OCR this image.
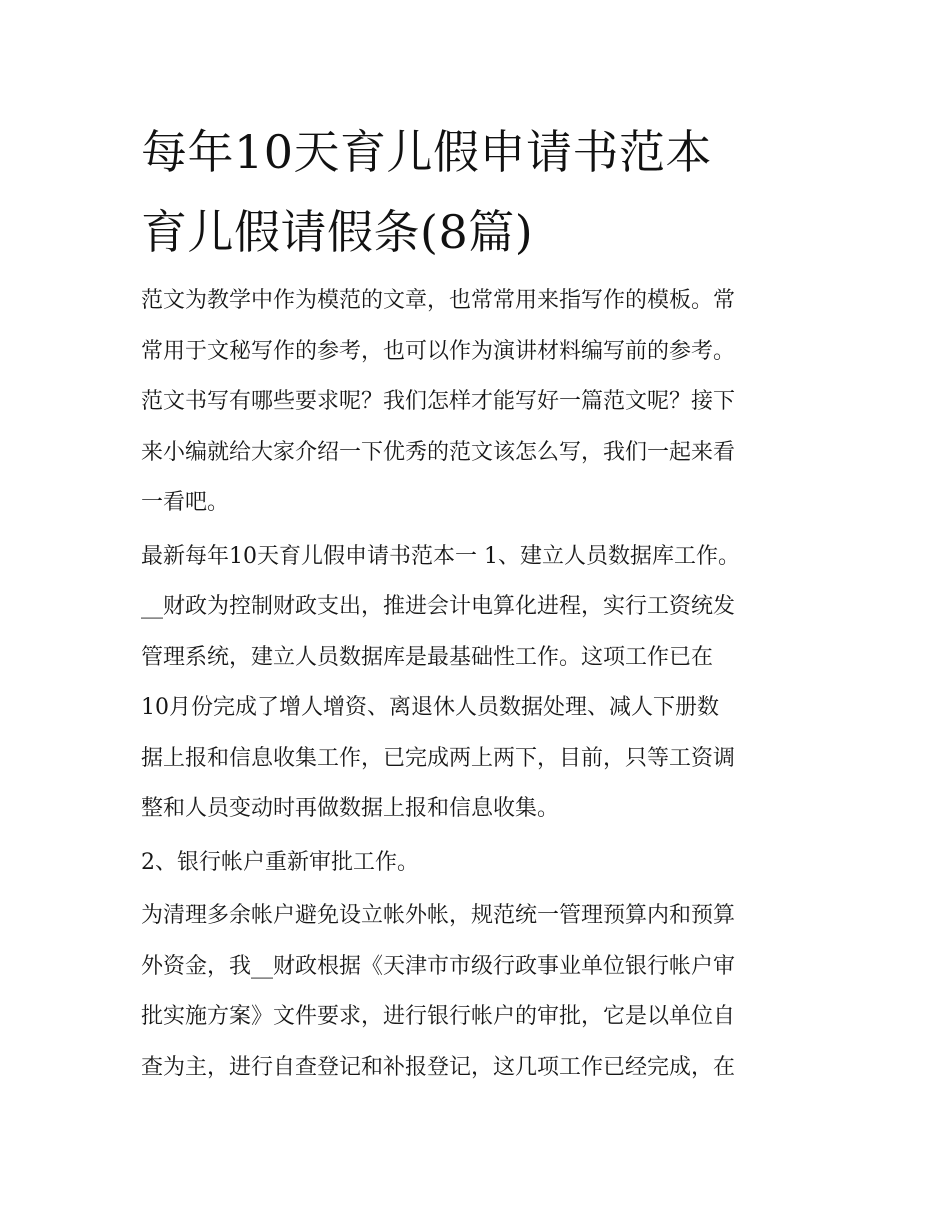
每年10天育儿假申请书范本
育儿假请假条(8篇)

范文为教学中作为模范的文章，也常常用来指写作的模板。常
常用于文秘写作的参考，也可以作为演讲材料编写前的参考。
范文书写有哪些要求呢？我们怎样才能写好一篇范文呢？接下
来小编就给大家介绍一下优秀的范文该怎么写，我们一起来看
一看吧。

最新每年10天育儿假申请书范本一 1、建立人员数据库工作。
__财政为控制财政支出，推进会计电算化进程，实行工资统发
管理系统，建立人员数据库是最基础性工作。这项工作已在
10月份完成了增人增资、离退休人员数据处理、减人下册数
据上报和信息收集工作，已完成两上两下，目前，只等工资调
整和人员变动时再做数据上报和信息收集。

2、银行帐户重新审批工作。

为清理多余帐户避免设立帐外帐，规范统一管理预算内和预算
外资金，我__财政根据《天津市市级行政事业单位银行帐户审
批实施方案》文件要求，进行银行帐户的审批，它是以单位自
查为主，进行自查登记和补报登记，这几项工作已经完成，在
